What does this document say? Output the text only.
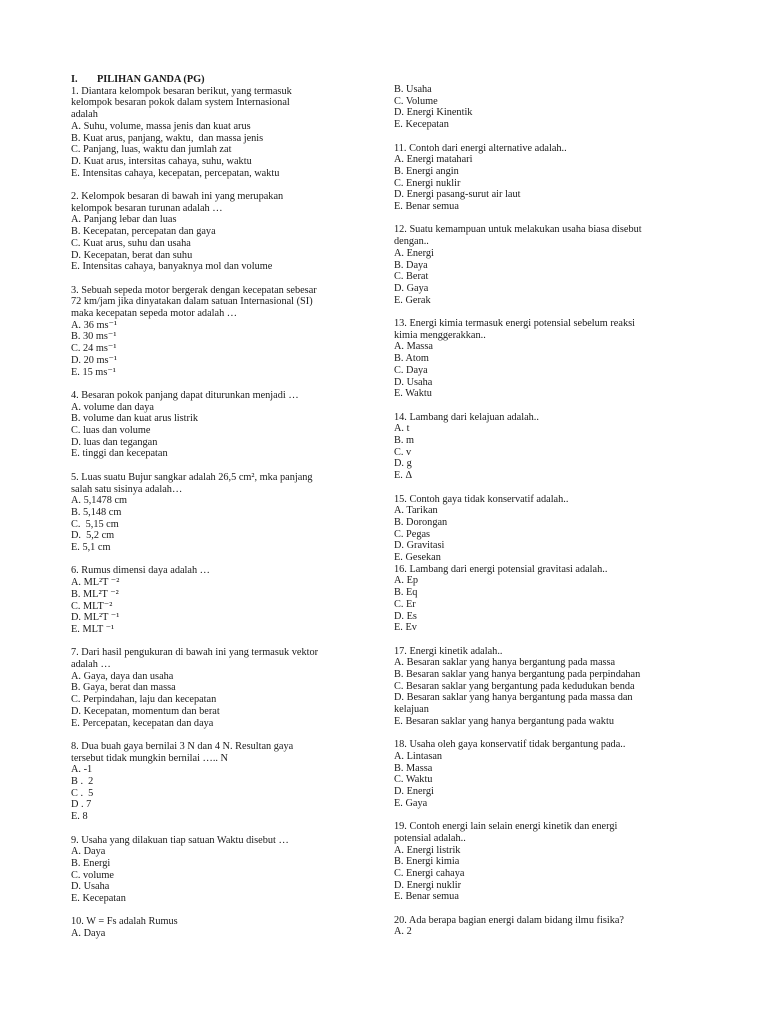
I.	PILIHAN GANDA (PG)
1. Diantara kelompok besaran berikut, yang termasuk
kelompok besaran pokok dalam system Internasional
adalah
A. Suhu, volume, massa jenis dan kuat arus
B. Kuat arus, panjang, waktu,  dan massa jenis
C. Panjang, luas, waktu dan jumlah zat
D. Kuat arus, intersitas cahaya, suhu, waktu
E. Intensitas cahaya, kecepatan, percepatan, waktu
2. Kelompok besaran di bawah ini yang merupakan
kelompok besaran turunan adalah …
A. Panjang lebar dan luas
B. Kecepatan, percepatan dan gaya
C. Kuat arus, suhu dan usaha
D. Kecepatan, berat dan suhu
E. Intensitas cahaya, banyaknya mol dan volume
3. Sebuah sepeda motor bergerak dengan kecepatan sebesar
72 km/jam jika dinyatakan dalam satuan Internasional (SI)
maka kecepatan sepeda motor adalah …
A. 36 ms⁻¹
B. 30 ms⁻¹
C. 24 ms⁻¹
D. 20 ms⁻¹
E. 15 ms⁻¹
4. Besaran pokok panjang dapat diturunkan menjadi …
A. volume dan daya
B. volume dan kuat arus listrik
C. luas dan volume
D. luas dan tegangan
E. tinggi dan kecepatan
5. Luas suatu Bujur sangkar adalah 26,5 cm², mka panjang
salah satu sisinya adalah…
A. 5,1478 cm
B. 5,148 cm
C.  5,15 cm
D.  5,2 cm
E. 5,1 cm
6. Rumus dimensi daya adalah …
A. ML²T ⁻²
B. ML²T ⁻²
C. MLT⁻²
D. ML²T ⁻¹
E. MLT ⁻¹
7. Dari hasil pengukuran di bawah ini yang termasuk vektor
adalah …
A. Gaya, daya dan usaha
B. Gaya, berat dan massa
C. Perpindahan, laju dan kecepatan
D. Kecepatan, momentum dan berat
E. Percepatan, kecepatan dan daya
8. Dua buah gaya bernilai 3 N dan 4 N. Resultan gaya
tersebut tidak mungkin bernilai ….. N
A. -1
B .  2
C .  5
D . 7
E. 8
9. Usaha yang dilakuan tiap satuan Waktu disebut …
A. Daya
B. Energi
C. volume
D. Usaha
E. Kecepatan
10. W = Fs adalah Rumus
A. Daya
B. Usaha
C. Volume
D. Energi Kinentik
E. Kecepatan
11. Contoh dari energi alternative adalah..
A. Energi matahari
B. Energi angin
C. Energi nuklir
D. Energi pasang-surut air laut
E. Benar semua
12. Suatu kemampuan untuk melakukan usaha biasa disebut
dengan..
A. Energi
B. Daya
C. Berat
D. Gaya
E. Gerak
13. Energi kimia termasuk energi potensial sebelum reaksi
kimia menggerakkan..
A. Massa
B. Atom
C. Daya
D. Usaha
E. Waktu
14. Lambang dari kelajuan adalah..
A. t
B. m
C. v
D. g
E. Δ
15. Contoh gaya tidak konservatif adalah..
A. Tarikan
B. Dorongan
C. Pegas
D. Gravitasi
E. Gesekan
16. Lambang dari energi potensial gravitasi adalah..
A. Ep
B. Eq
C. Er
D. Es
E. Ev
17. Energi kinetik adalah..
A. Besaran saklar yang hanya bergantung pada massa
B. Besaran saklar yang hanya bergantung pada perpindahan
C. Besaran saklar yang bergantung pada kedudukan benda
D. Besaran saklar yang hanya bergantung pada massa dan
kelajuan
E. Besaran saklar yang hanya bergantung pada waktu
18. Usaha oleh gaya konservatif tidak bergantung pada..
A. Lintasan
B. Massa
C. Waktu
D. Energi
E. Gaya
19. Contoh energi lain selain energi kinetik dan energi
potensial adalah..
A. Energi listrik
B. Energi kimia
C. Energi cahaya
D. Energi nuklir
E. Benar semua
20. Ada berapa bagian energi dalam bidang ilmu fisika?
A. 2
